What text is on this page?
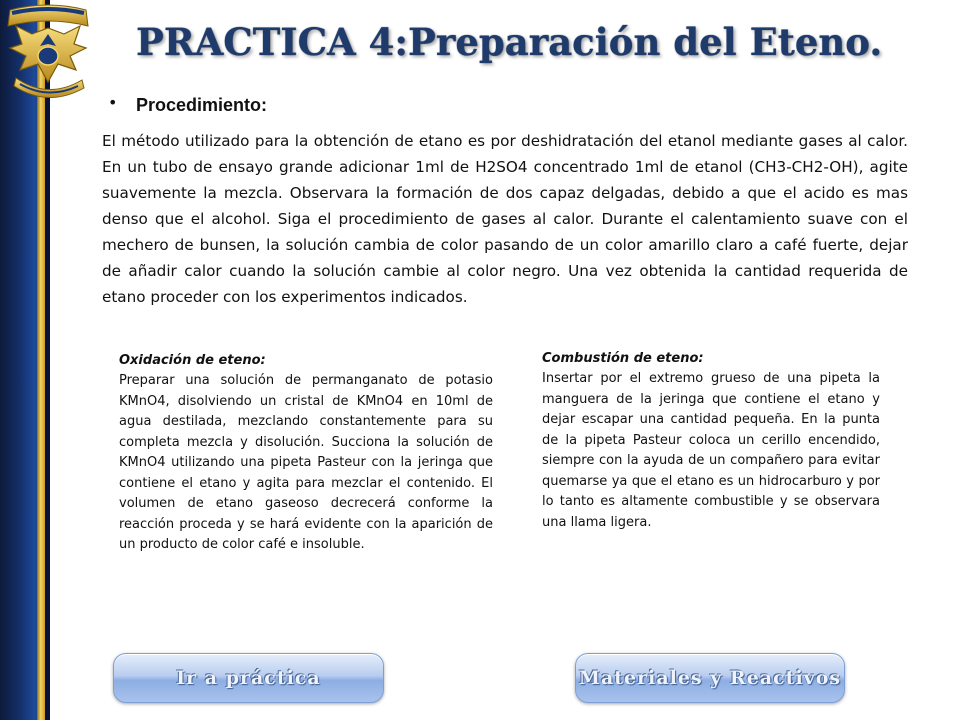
PRACTICA 4:Preparación del Eteno.
• Procedimiento:
El método utilizado para la obtención de etano es por deshidratación del etanol mediante gases al calor. En un tubo de ensayo grande adicionar 1ml de H2SO4 concentrado 1ml de etanol (CH3-CH2-OH), agite suavemente la mezcla. Observara la formación de dos capaz delgadas, debido a que el acido es mas denso que el alcohol. Siga el procedimiento de gases al calor. Durante el calentamiento suave con el mechero de bunsen, la solución cambia de color pasando de un color amarillo claro a café fuerte, dejar de añadir calor cuando la solución cambie al color negro. Una vez obtenida la cantidad requerida de etano proceder con los experimentos indicados.
Oxidación de eteno:

Preparar una solución de permanganato de potasio KMnO4, disolviendo un cristal de KMnO4 en 10ml de agua destilada, mezclando constantemente para su completa mezcla y disolución. Succiona la solución de KMnO4 utilizando una pipeta Pasteur con la jeringa que contiene el etano y agita para mezclar el contenido. El volumen de etano gaseoso decrecerá conforme la reacción proceda y se hará evidente con la aparición de un producto de color café e insoluble.

Combustión de eteno:

Insertar por el extremo grueso de una pipeta la manguera de la jeringa que contiene el etano y dejar escapar una cantidad pequeña. En la punta de la pipeta Pasteur coloca un cerillo encendido, siempre con la ayuda de un compañero para evitar quemarse ya que el etano es un hidrocarburo y por lo tanto es altamente combustible y se observara una llama ligera.

Ir a práctica	Materiales y Reactivos
